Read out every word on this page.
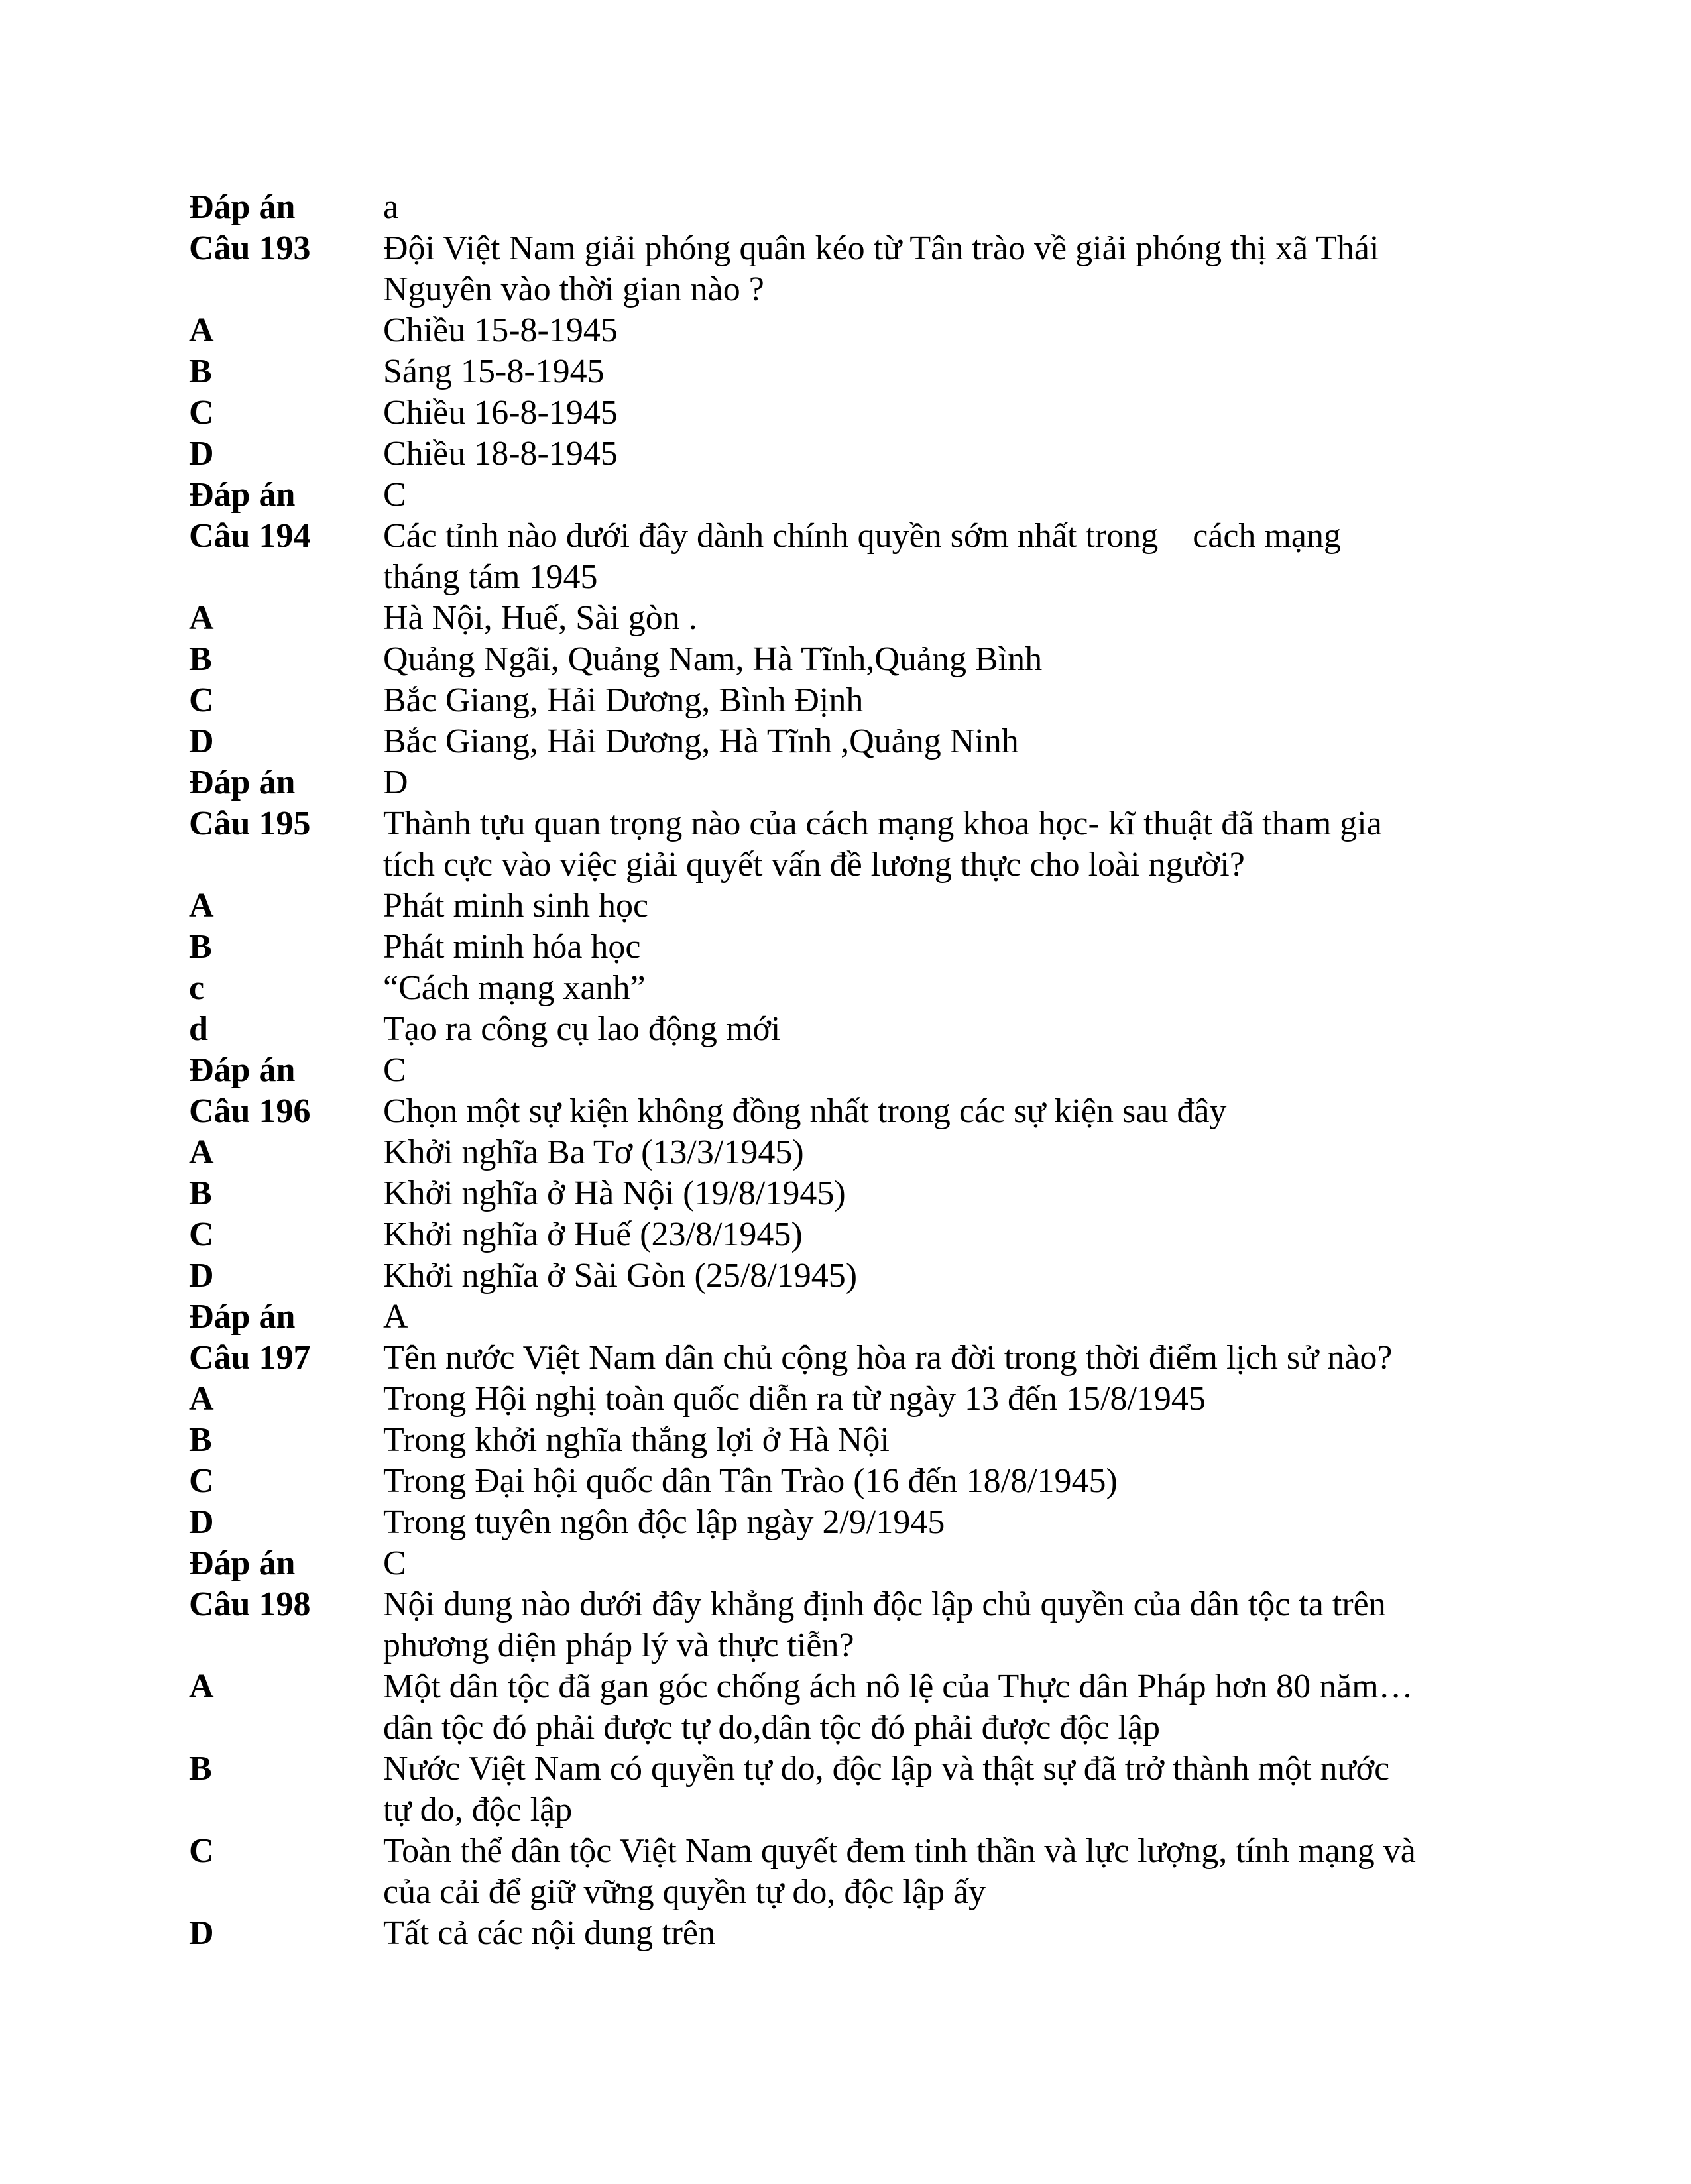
Đáp án	a
Câu 193	Đội Việt Nam giải phóng quân kéo từ Tân trào về giải phóng thị xã Thái
Nguyên vào thời gian nào ?
A	Chiều 15-8-1945
B	Sáng 15-8-1945
C	Chiều 16-8-1945
D	Chiều 18-8-1945
Đáp án	C
Câu 194	Các tỉnh nào dưới đây dành chính quyền sớm nhất trong    cách mạng
tháng tám 1945
A	Hà Nội, Huế, Sài gòn .
B	Quảng Ngãi, Quảng Nam, Hà Tĩnh,Quảng Bình
C	Bắc Giang, Hải Dương, Bình Định
D	Bắc Giang, Hải Dương, Hà Tĩnh ,Quảng Ninh
Đáp án	D
Câu 195	Thành tựu quan trọng nào của cách mạng khoa học- kĩ thuật đã tham gia
tích cực vào việc giải quyết vấn đề lương thực cho loài người?
A	Phát minh sinh học
B	Phát minh hóa học
c	“Cách mạng xanh”
d	Tạo ra công cụ lao động mới
Đáp án	C
Câu 196	Chọn một sự kiện không đồng nhất trong các sự kiện sau đây
A	Khởi nghĩa Ba Tơ (13/3/1945)
B	Khởi nghĩa ở Hà Nội (19/8/1945)
C	Khởi nghĩa ở Huế (23/8/1945)
D	Khởi nghĩa ở Sài Gòn (25/8/1945)
Đáp án	A
Câu 197	Tên nước Việt Nam dân chủ cộng hòa ra đời trong thời điểm lịch sử nào?
A	Trong Hội nghị toàn quốc diễn ra từ ngày 13 đến 15/8/1945
B	Trong khởi nghĩa thắng lợi ở Hà Nội
C	Trong Đại hội quốc dân Tân Trào (16 đến 18/8/1945)
D	Trong tuyên ngôn độc lập ngày 2/9/1945
Đáp án	C
Câu 198	Nội dung nào dưới đây khẳng định độc lập chủ quyền của dân tộc ta trên
phương diện pháp lý và thực tiễn?
A	Một dân tộc đã gan góc chống ách nô lệ của Thực dân Pháp hơn 80 năm…
dân tộc đó phải được tự do,dân tộc đó phải được độc lập
B	Nước Việt Nam có quyền tự do, độc lập và thật sự đã trở thành một nước
tự do, độc lập
C	Toàn thể dân tộc Việt Nam quyết đem tinh thần và lực lượng, tính mạng và
của cải để giữ vững quyền tự do, độc lập ấy
D	Tất cả các nội dung trên
